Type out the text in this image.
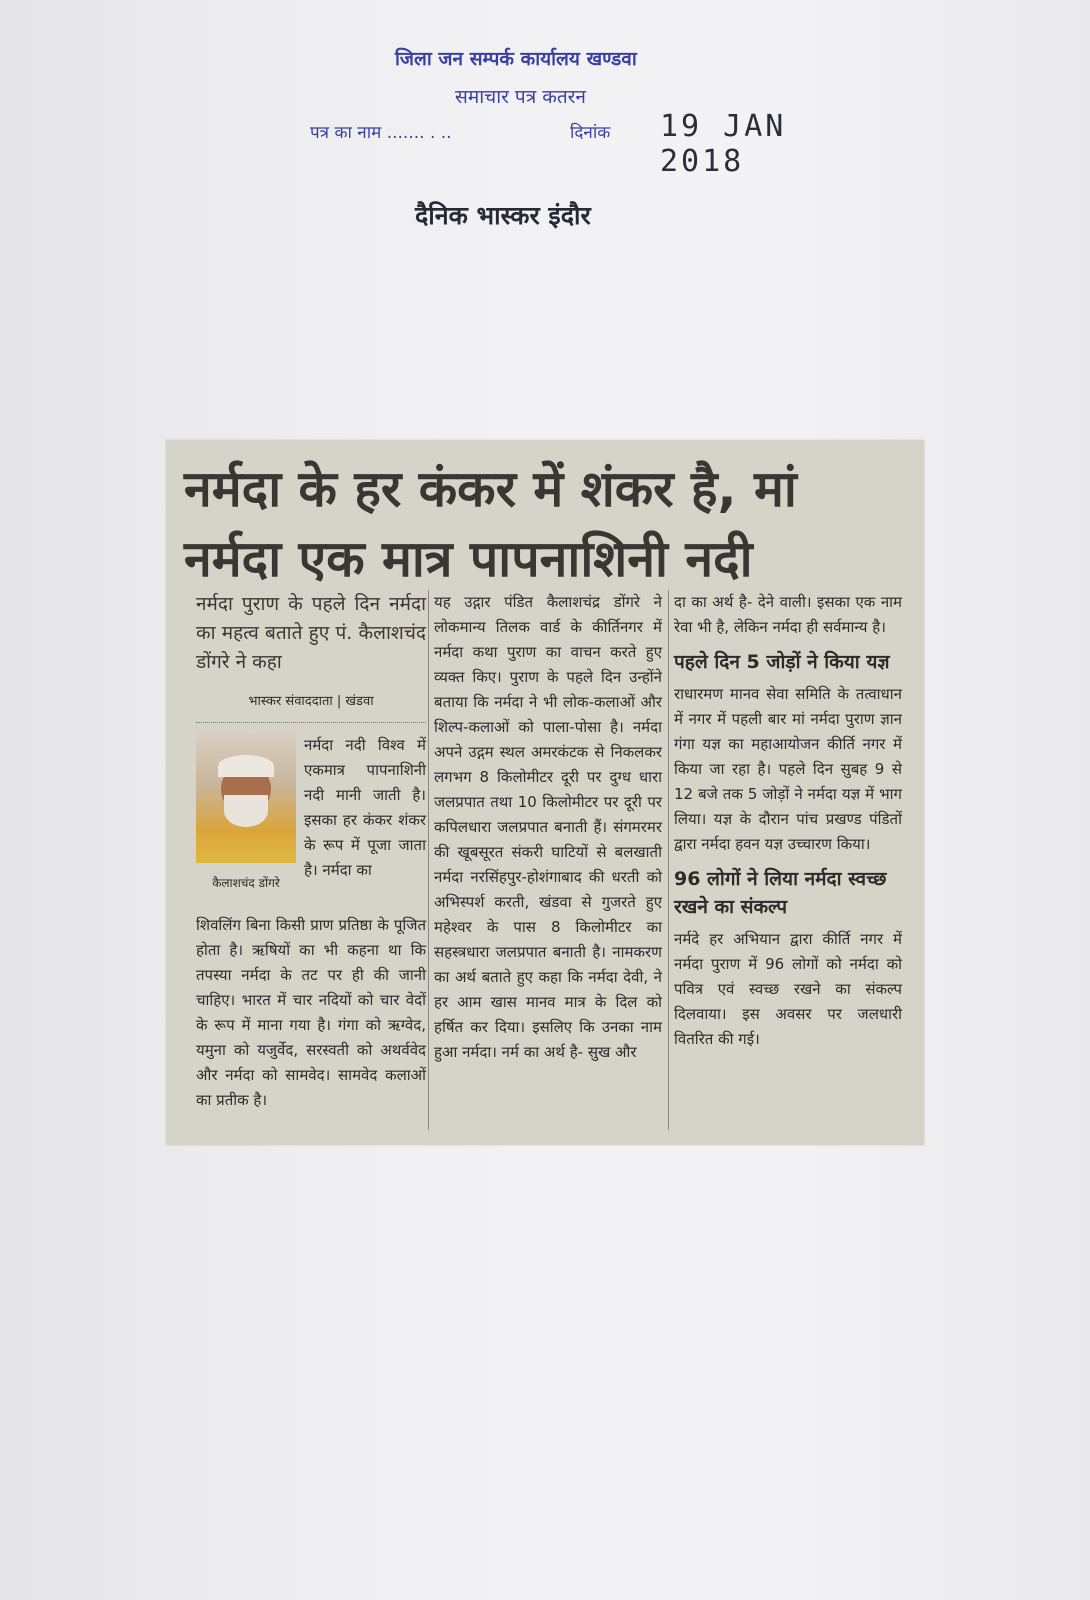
जिला जन सम्पर्क कार्यालय खण्डवा
समाचार पत्र कतरन
पत्र का नाम ....... . ..	दिनांक 19 JAN 2018
दैनिक भास्कर इंदौर
नर्मदा के हर कंकर में शंकर है, मां नर्मदा एक मात्र पापनाशिनी नदी
नर्मदा पुराण के पहले दिन नर्मदा का महत्व बताते हुए पं. कैलाशचंद डोंगरे ने कहा
भास्कर संवाददाता | खंडवा
कैलाशचंद डोंगरे
नर्मदा नदी विश्व में एकमात्र पापनाशिनी नदी मानी जाती है। इसका हर कंकर शंकर के रूप में पूजा जाता है। नर्मदा का
शिवलिंग बिना किसी प्राण प्रतिष्ठा के पूजित होता है। ऋषियों का भी कहना था कि तपस्या नर्मदा के तट पर ही की जानी चाहिए। भारत में चार नदियों को चार वेदों के रूप में माना गया है। गंगा को ऋग्वेद, यमुना को यजुर्वेद, सरस्वती को अथर्ववेद और नर्मदा को सामवेद। सामवेद कलाओं का प्रतीक है।
यह उद्गार पंडित कैलाशचंद्र डोंगरे ने लोकमान्य तिलक वार्ड के कीर्तिनगर में नर्मदा कथा पुराण का वाचन करते हुए व्यक्त किए। पुराण के पहले दिन उन्होंने बताया कि नर्मदा ने भी लोक-कलाओं और शिल्प-कलाओं को पाला-पोसा है। नर्मदा अपने उद्गम स्थल अमरकंटक से निकलकर लगभग 8 किलोमीटर दूरी पर दुग्ध धारा जलप्रपात तथा 10 किलोमीटर पर दूरी पर कपिलधारा जलप्रपात बनाती हैं। संगमरमर की खूबसूरत संकरी घाटियों से बलखाती नर्मदा नरसिंहपुर-होशंगाबाद की धरती को अभिस्पर्श करती, खंडवा से गुजरते हुए महेश्वर के पास 8 किलोमीटर का सहस्त्रधारा जलप्रपात बनाती है। नामकरण का अर्थ बताते हुए कहा कि नर्मदा देवी, ने हर आम खास मानव मात्र के दिल को हर्षित कर दिया। इसलिए कि उनका नाम हुआ नर्मदा। नर्म का अर्थ है- सुख और
दा का अर्थ है- देने वाली। इसका एक नाम रेवा भी है, लेकिन नर्मदा ही सर्वमान्य है।
पहले दिन 5 जोड़ों ने किया यज्ञ
राधारमण मानव सेवा समिति के तत्वाधान में नगर में पहली बार मां नर्मदा पुराण ज्ञान गंगा यज्ञ का महाआयोजन कीर्ति नगर में किया जा रहा है। पहले दिन सुबह 9 से 12 बजे तक 5 जोड़ों ने नर्मदा यज्ञ में भाग लिया। यज्ञ के दौरान पांच प्रखण्ड पंडितों द्वारा नर्मदा हवन यज्ञ उच्चारण किया।
96 लोगों ने लिया नर्मदा स्वच्छ रखने का संकल्प
नर्मदे हर अभियान द्वारा कीर्ति नगर में नर्मदा पुराण में 96 लोगों को नर्मदा को पवित्र एवं स्वच्छ रखने का संकल्प दिलवाया। इस अवसर पर जलधारी वितरित की गई।
